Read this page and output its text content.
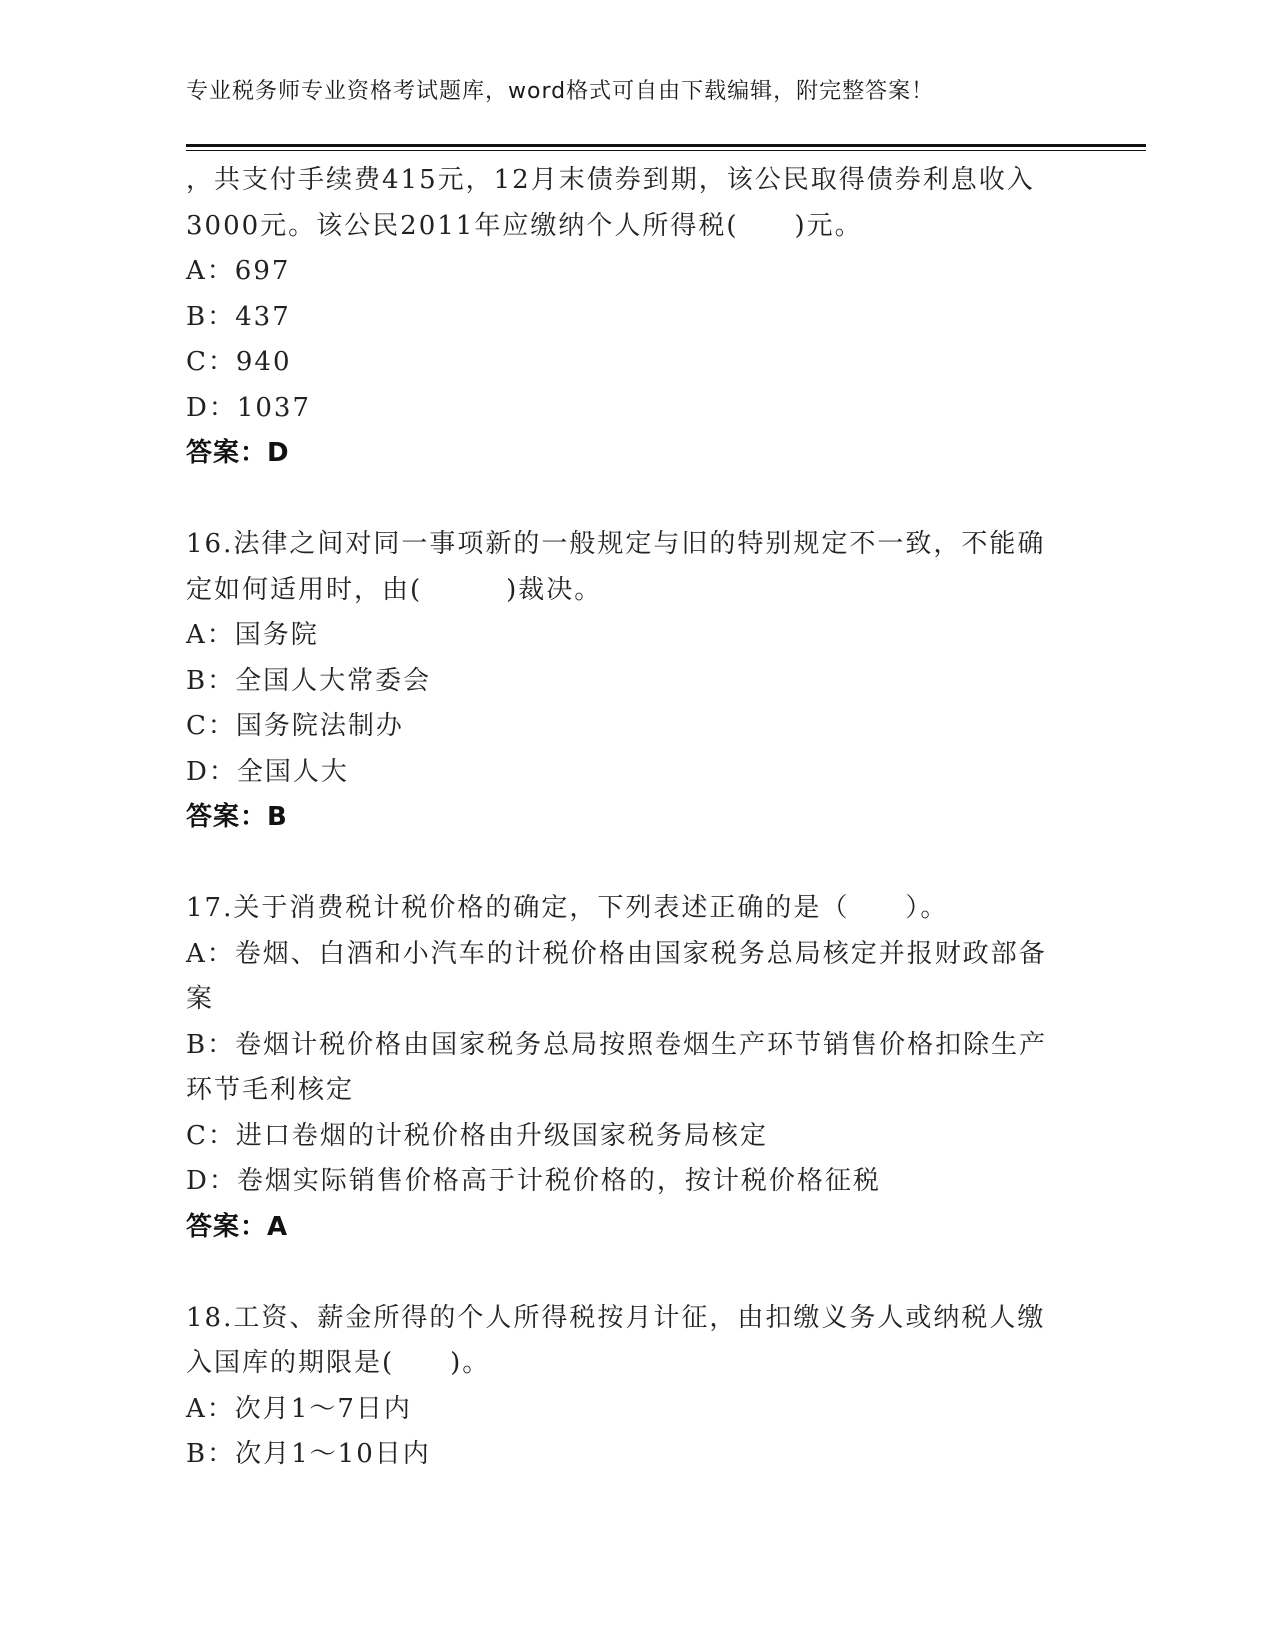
专业税务师专业资格考试题库，word格式可自由下载编辑，附完整答案！
，共支付手续费415元，12月末债券到期，该公民取得债券利息收入
3000元。该公民2011年应缴纳个人所得税(　　)元。
A：697
B：437
C：940
D：1037
答案：D
16.法律之间对同一事项新的一般规定与旧的特别规定不一致，不能确
定如何适用时，由(　　　)裁决。
A：国务院
B：全国人大常委会
C：国务院法制办
D：全国人大
答案：B
17.关于消费税计税价格的确定，下列表述正确的是（　　）。
A：卷烟、白酒和小汽车的计税价格由国家税务总局核定并报财政部备
案
B：卷烟计税价格由国家税务总局按照卷烟生产环节销售价格扣除生产
环节毛利核定
C：进口卷烟的计税价格由升级国家税务局核定
D：卷烟实际销售价格高于计税价格的，按计税价格征税
答案：A
18.工资、薪金所得的个人所得税按月计征，由扣缴义务人或纳税人缴
入国库的期限是(　　)。
A：次月1～7日内
B：次月1～10日内
